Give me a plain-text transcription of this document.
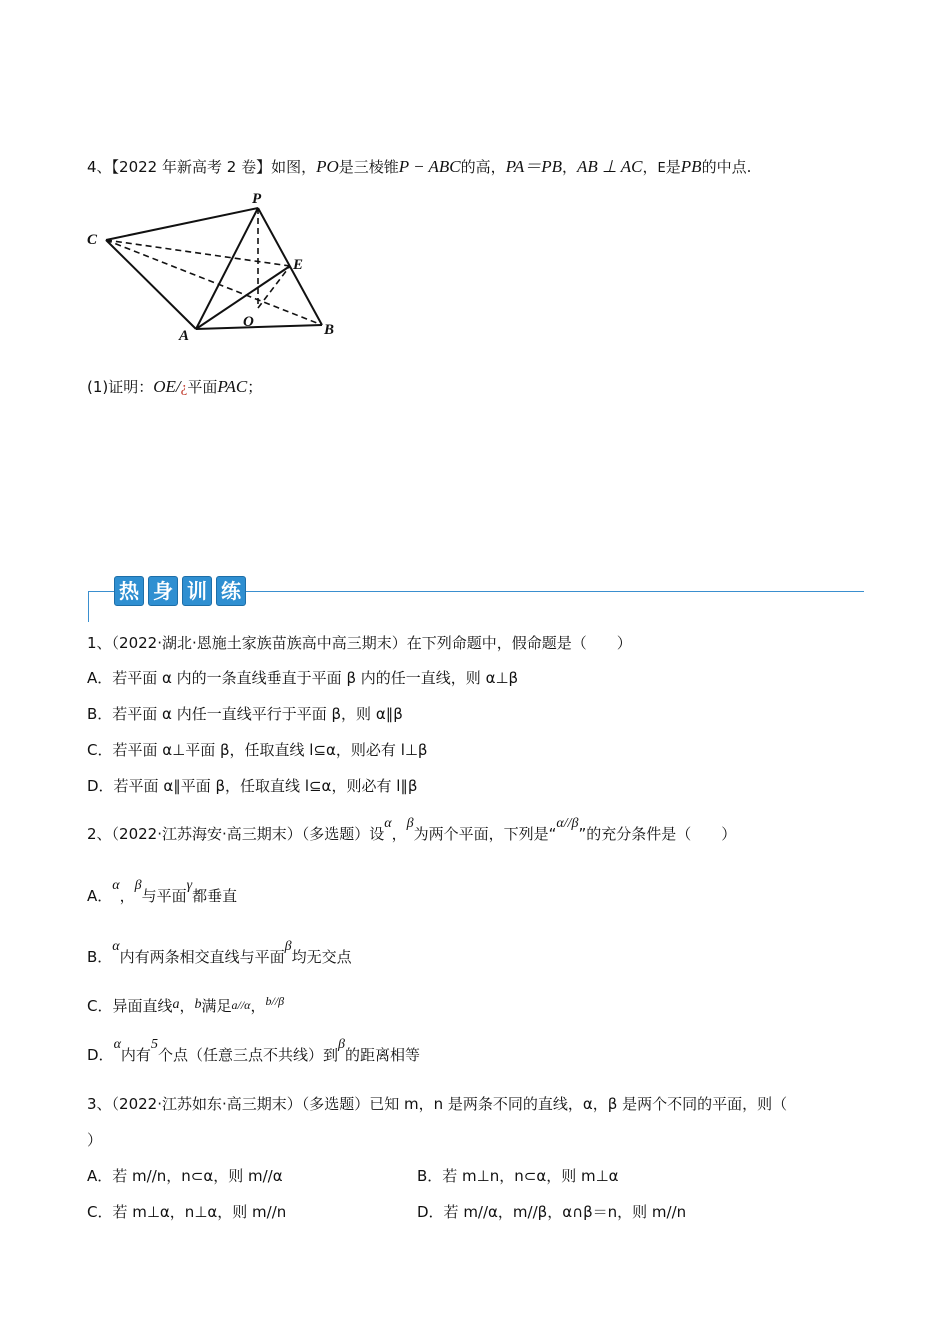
4、【2022 年新高考 2 卷】如图，PO是三棱锥P − ABC的高，PA＝PB，AB ⊥ AC，E是PB的中点.
P
C
E
O
A	B
(1)证明：OE/¿平面PAC；
热 身 训 练
1、（2022·湖北·恩施土家族苗族高中高三期末）在下列命题中，假命题是（　　）
A．若平面 α 内的一条直线垂直于平面 β 内的任一直线，则 α⊥β
B．若平面 α 内任一直线平行于平面 β，则 α∥β
C．若平面 α⊥平面 β，任取直线 l⊆α，则必有 l⊥β
D．若平面 α∥平面 β，任取直线 l⊆α，则必有 l∥β
2、（2022·江苏海安·高三期末）（多选题）设α，β为两个平面，下列是“α//β”的充分条件是（　　）
A．α，β与平面γ都垂直
B．α内有两条相交直线与平面β均无交点
C．异面直线a，b满足a//α，$^{b//\beta}$
D．α内有5个点（任意三点不共线）到β的距离相等
3、（2022·江苏如东·高三期末）（多选题）已知 m，n 是两条不同的直线，α，β 是两个不同的平面，则（
）
A．若 m//n，n⊂α，则 m//α	B．若 m⊥n，n⊂α，则 m⊥α
C．若 m⊥α，n⊥α，则 m//n	D．若 m//α，m//β，α∩β＝n，则 m//n
